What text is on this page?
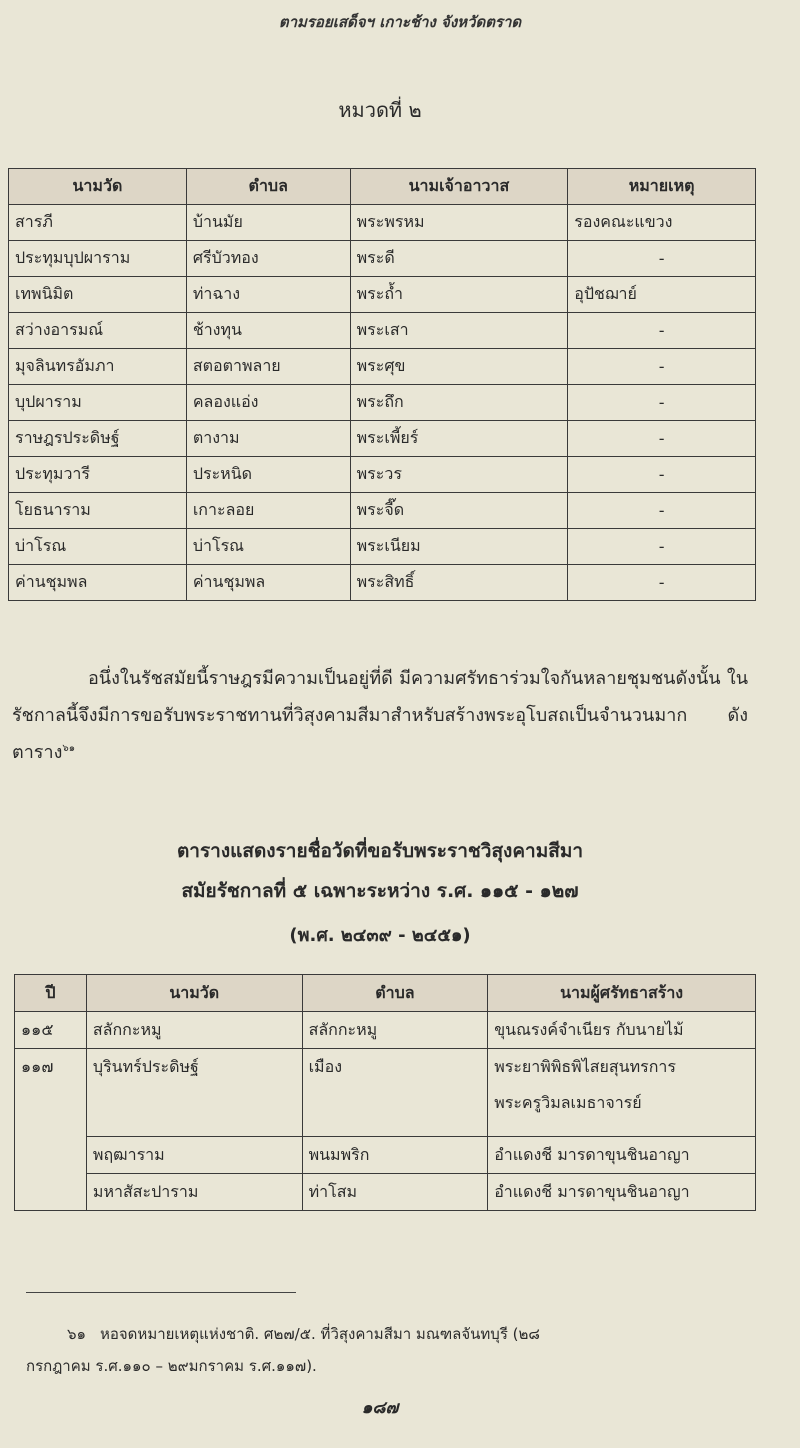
ตามรอยเสด็จฯ เกาะช้าง จังหวัดตราด
หมวดที่ ๒
นามวัด	ตำบล	นามเจ้าอาวาส	หมายเหตุ
สารภี	บ้านมัย	พระพรหม	รองคณะแขวง
ประทุมบุปผาราม	ศรีบัวทอง	พระดี	-
เทพนิมิต	ท่าฉาง	พระถ้ำ	อุปัชฌาย์
สว่างอารมณ์	ช้างทุน	พระเสา	-
มุจลินทรอัมภา	สตอตาพลาย	พระศุข	-
บุปผาราม	คลองแอ่ง	พระถึก	-
ราษฎรประดิษฐ์	ตางาม	พระเพี้ยร์	-
ประทุมวารี	ประหนิด	พระวร	-
โยธนาราม	เกาะลอย	พระจี๊ด	-
บ่าโรณ	บ่าโรณ	พระเนียม	-
ค่านชุมพล	ค่านชุมพล	พระสิทธิ์	-
อนึ่งในรัชสมัยนี้ราษฎรมีความเป็นอยู่ที่ดี มีความศรัทธาร่วมใจกันหลายชุมชนดังนั้น ในรัชกาลนี้จึงมีการขอรับพระราชทานที่วิสุงคามสีมาสำหรับสร้างพระอุโบสถเป็นจำนวนมาก ดังตาราง$^{๖๑}$
ตารางแสดงรายชื่อวัดที่ขอรับพระราชวิสุงคามสีมา
สมัยรัชกาลที่ ๕ เฉพาะระหว่าง ร.ศ. ๑๑๕ - ๑๒๗
(พ.ศ. ๒๔๓๙ - ๒๔๕๑)
ปี	นามวัด	ตำบล	นามผู้ศรัทธาสร้าง
๑๑๕	สลักกะหมู	สลักกะหมู	ขุนณรงค์จำเนียร กับนายไม้
๑๑๗	บุรินทร์ประดิษฐ์	เมือง	พระยาพิพิธพิไสยสุนทรการ
พระครูวิมลเมธาจารย์

	พฤฒาราม	พนมพริก	อำแดงชี มารดาขุนชินอาญา
	มหาสัสะปาราม	ท่าโสม	อำแดงชี มารดาขุนชินอาญา
๖๑ หอจดหมายเหตุแห่งชาติ. ศ๒๗/๕. ที่วิสุงคามสีมา มณฑลจันทบุรี (๒๘
กรกฎาคม ร.ศ.๑๑๐ – ๒๙มกราคม ร.ศ.๑๑๗).
๑๘๗
